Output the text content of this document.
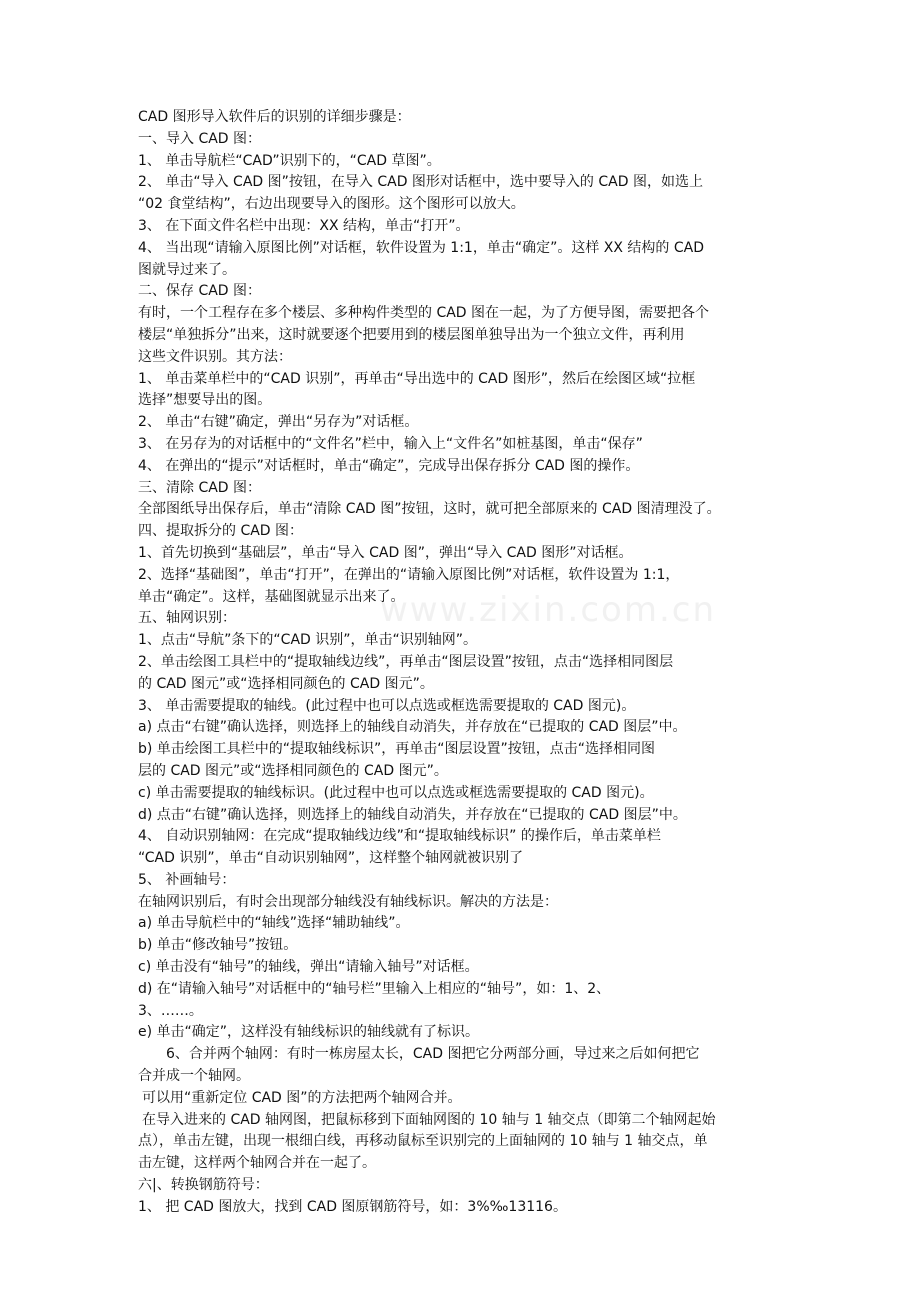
www.zixin.com.cn
CAD 图形导入软件后的识别的详细步骤是：
一、导入 CAD 图：
1、 单击导航栏“CAD”识别下的，“CAD 草图”。
2、 单击“导入 CAD 图”按钮，在导入 CAD 图形对话框中，选中要导入的 CAD 图，如选上
“02 食堂结构”，右边出现要导入的图形。这个图形可以放大。
3、 在下面文件名栏中出现：XX 结构，单击“打开”。
4、 当出现“请输入原图比例”对话框，软件设置为 1:1，单击“确定”。这样 XX 结构的 CAD
图就导过来了。
二、保存 CAD 图：
有时，一个工程存在多个楼层、多种构件类型的 CAD 图在一起，为了方便导图，需要把各个
楼层“单独拆分”出来，这时就要逐个把要用到的楼层图单独导出为一个独立文件，再利用
这些文件识别。其方法：
1、 单击菜单栏中的“CAD 识别”，再单击“导出选中的 CAD 图形”，然后在绘图区域“拉框
选择”想要导出的图。
2、 单击“右键”确定，弹出“另存为”对话框。
3、 在另存为的对话框中的“文件名”栏中，输入上“文件名”如桩基图，单击“保存”
4、 在弹出的“提示”对话框时，单击“确定”，完成导出保存拆分 CAD 图的操作。
三、清除 CAD 图：
全部图纸导出保存后，单击“清除 CAD 图”按钮，这时，就可把全部原来的 CAD 图清理没了。
四、提取拆分的 CAD 图：
1、首先切换到“基础层”，单击“导入 CAD 图”，弹出“导入 CAD 图形”对话框。
2、选择“基础图”，单击“打开”，在弹出的“请输入原图比例”对话框，软件设置为 1:1，
单击“确定”。这样，基础图就显示出来了。
五、轴网识别：
1、点击“导航”条下的“CAD 识别”，单击“识别轴网”。
2、单击绘图工具栏中的“提取轴线边线”，再单击“图层设置”按钮，点击“选择相同图层
的 CAD 图元”或“选择相同颜色的 CAD 图元”。
3、 单击需要提取的轴线。(此过程中也可以点选或框选需要提取的 CAD 图元)。
a) 点击“右键”确认选择，则选择上的轴线自动消失，并存放在“已提取的 CAD 图层”中。
b) 单击绘图工具栏中的“提取轴线标识”，再单击“图层设置”按钮，点击“选择相同图
层的 CAD 图元”或“选择相同颜色的 CAD 图元”。
c) 单击需要提取的轴线标识。(此过程中也可以点选或框选需要提取的 CAD 图元)。
d) 点击“右键”确认选择，则选择上的轴线自动消失，并存放在“已提取的 CAD 图层”中。
4、 自动识别轴网：在完成“提取轴线边线”和“提取轴线标识” 的操作后，单击菜单栏
“CAD 识别”，单击“自动识别轴网”，这样整个轴网就被识别了
5、 补画轴号：
在轴网识别后，有时会出现部分轴线没有轴线标识。解决的方法是：
a) 单击导航栏中的“轴线”选择“辅助轴线”。
b) 单击“修改轴号”按钮。
c) 单击没有“轴号”的轴线，弹出“请输入轴号”对话框。
d) 在“请输入轴号”对话框中的“轴号栏”里输入上相应的“轴号”，如：1、2、
3、……。
e) 单击“确定”，这样没有轴线标识的轴线就有了标识。
6、合并两个轴网：有时一栋房屋太长，CAD 图把它分两部分画，导过来之后如何把它
合并成一个轴网。
可以用“重新定位 CAD 图”的方法把两个轴网合并。
在导入进来的 CAD 轴网图，把鼠标移到下面轴网图的 10 轴与 1 轴交点（即第二个轴网起始
点），单击左键，出现一根细白线，再移动鼠标至识别完的上面轴网的 10 轴与 1 轴交点，单
击左键，这样两个轴网合并在一起了。
六|、转换钢筋符号：
1、 把 CAD 图放大，找到 CAD 图原钢筋符号，如：3%‰13116。
